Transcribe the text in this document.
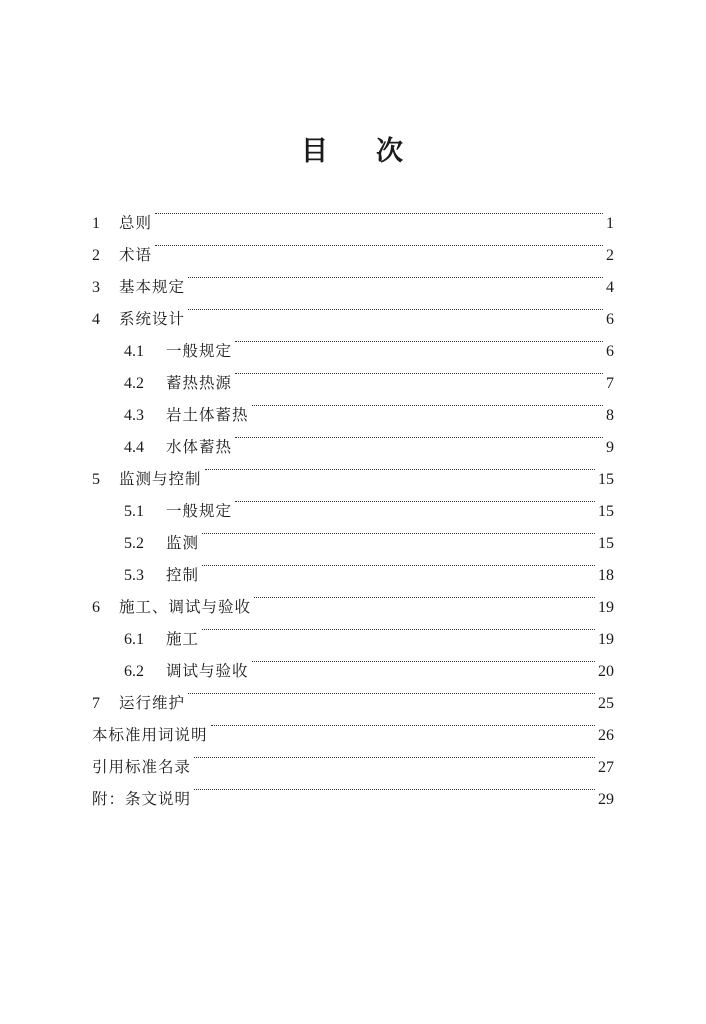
目 次
1	总则	1
2	术语	2
3	基本规定	4
4	系统设计	6
4.1	一般规定	6
4.2	蓄热热源	7
4.3	岩土体蓄热	8
4.4	水体蓄热	9
5	监测与控制	15
5.1	一般规定	15
5.2	监测	15
5.3	控制	18
6	施工、调试与验收	19
6.1	施工	19
6.2	调试与验收	20
7	运行维护	25
本标准用词说明	26
引用标准名录	27
附：条文说明	29
